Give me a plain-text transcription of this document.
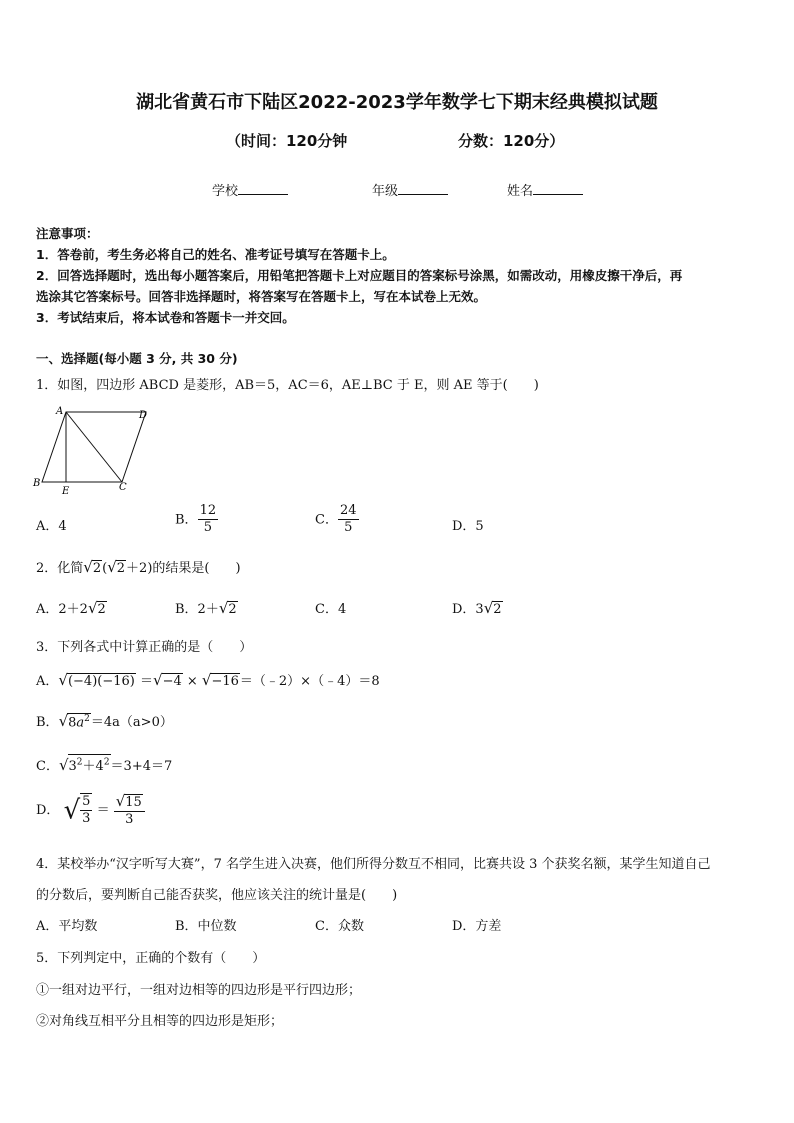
湖北省黄石市下陆区2022-2023学年数学七下期末经典模拟试题
（时间：120分钟	分数：120分）
学校	年级	姓名
注意事项：
1．答卷前，考生务必将自己的姓名、准考证号填写在答题卡上。
2．回答选择题时，选出每小题答案后，用铅笔把答题卡上对应题目的答案标号涂黑，如需改动，用橡皮擦干净后，再
选涂其它答案标号。回答非选择题时，将答案写在答题卡上，写在本试卷上无效。
3．考试结束后，将本试卷和答题卡一并交回。
一、选择题(每小题 3 分, 共 30 分)
1．如图，四边形 ABCD 是菱形，AB＝5，AC＝6，AE⊥BC 于 E，则 AE 等于(　　)
A	D
B
E	C
A．4	B． $\frac{12}{5}$	C． $\frac{24}{5}$	D．5
2．化简√2(√2＋2)的结果是(　　)
A．2＋2√2	B．2＋√2	C．4	D．3√2
3．下列各式中计算正确的是（　　）
A．√(−4)(−16) ＝√−4 × √−16＝（﹣2）×（﹣4）＝8
B．$√8a^2=4a(a>0)$
C．$√3^2+4^2=3+4=7$
D． √ $\frac{5}{3} = \frac{√15}{3}$
4．某校举办“汉字听写大赛”，7 名学生进入决赛，他们所得分数互不相同，比赛共设 3 个获奖名额，某学生知道自己
的分数后，要判断自己能否获奖，他应该关注的统计量是(　　)
A．平均数	B．中位数	C．众数	D．方差
5．下列判定中，正确的个数有（　　）
①一组对边平行，一组对边相等的四边形是平行四边形；
②对角线互相平分且相等的四边形是矩形；
